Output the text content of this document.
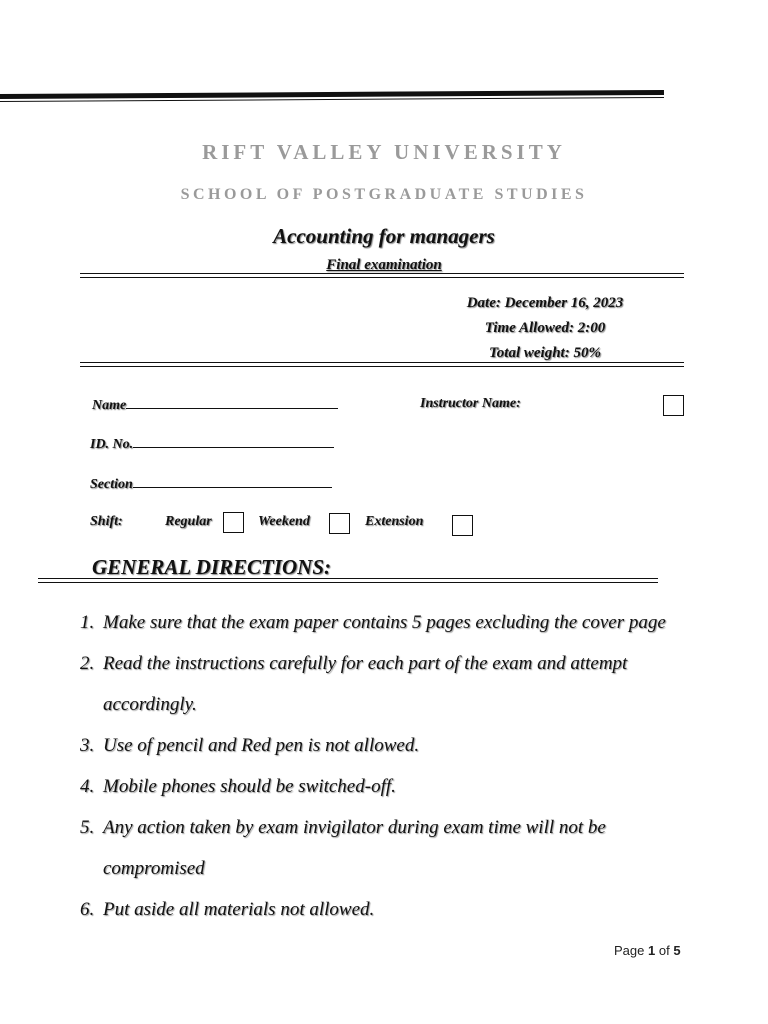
RIFT VALLEY UNIVERSITY
SCHOOL OF POSTGRADUATE STUDIES
Accounting for managers
Final examination
Date: December 16, 2023
Time Allowed: 2:00
Total weight: 50%
Name	Instructor Name:
ID. No.
Section
Shift:	Regular	Weekend	Extension
GENERAL DIRECTIONS:
1. Make sure that the exam paper contains 5 pages excluding the cover page
2. Read the instructions carefully for each part of the exam and attempt
accordingly.
3. Use of pencil and Red pen is not allowed.
4. Mobile phones should be switched-off.
5. Any action taken by exam invigilator during exam time will not be
compromised
6. Put aside all materials not allowed.
Page 1 of 5
